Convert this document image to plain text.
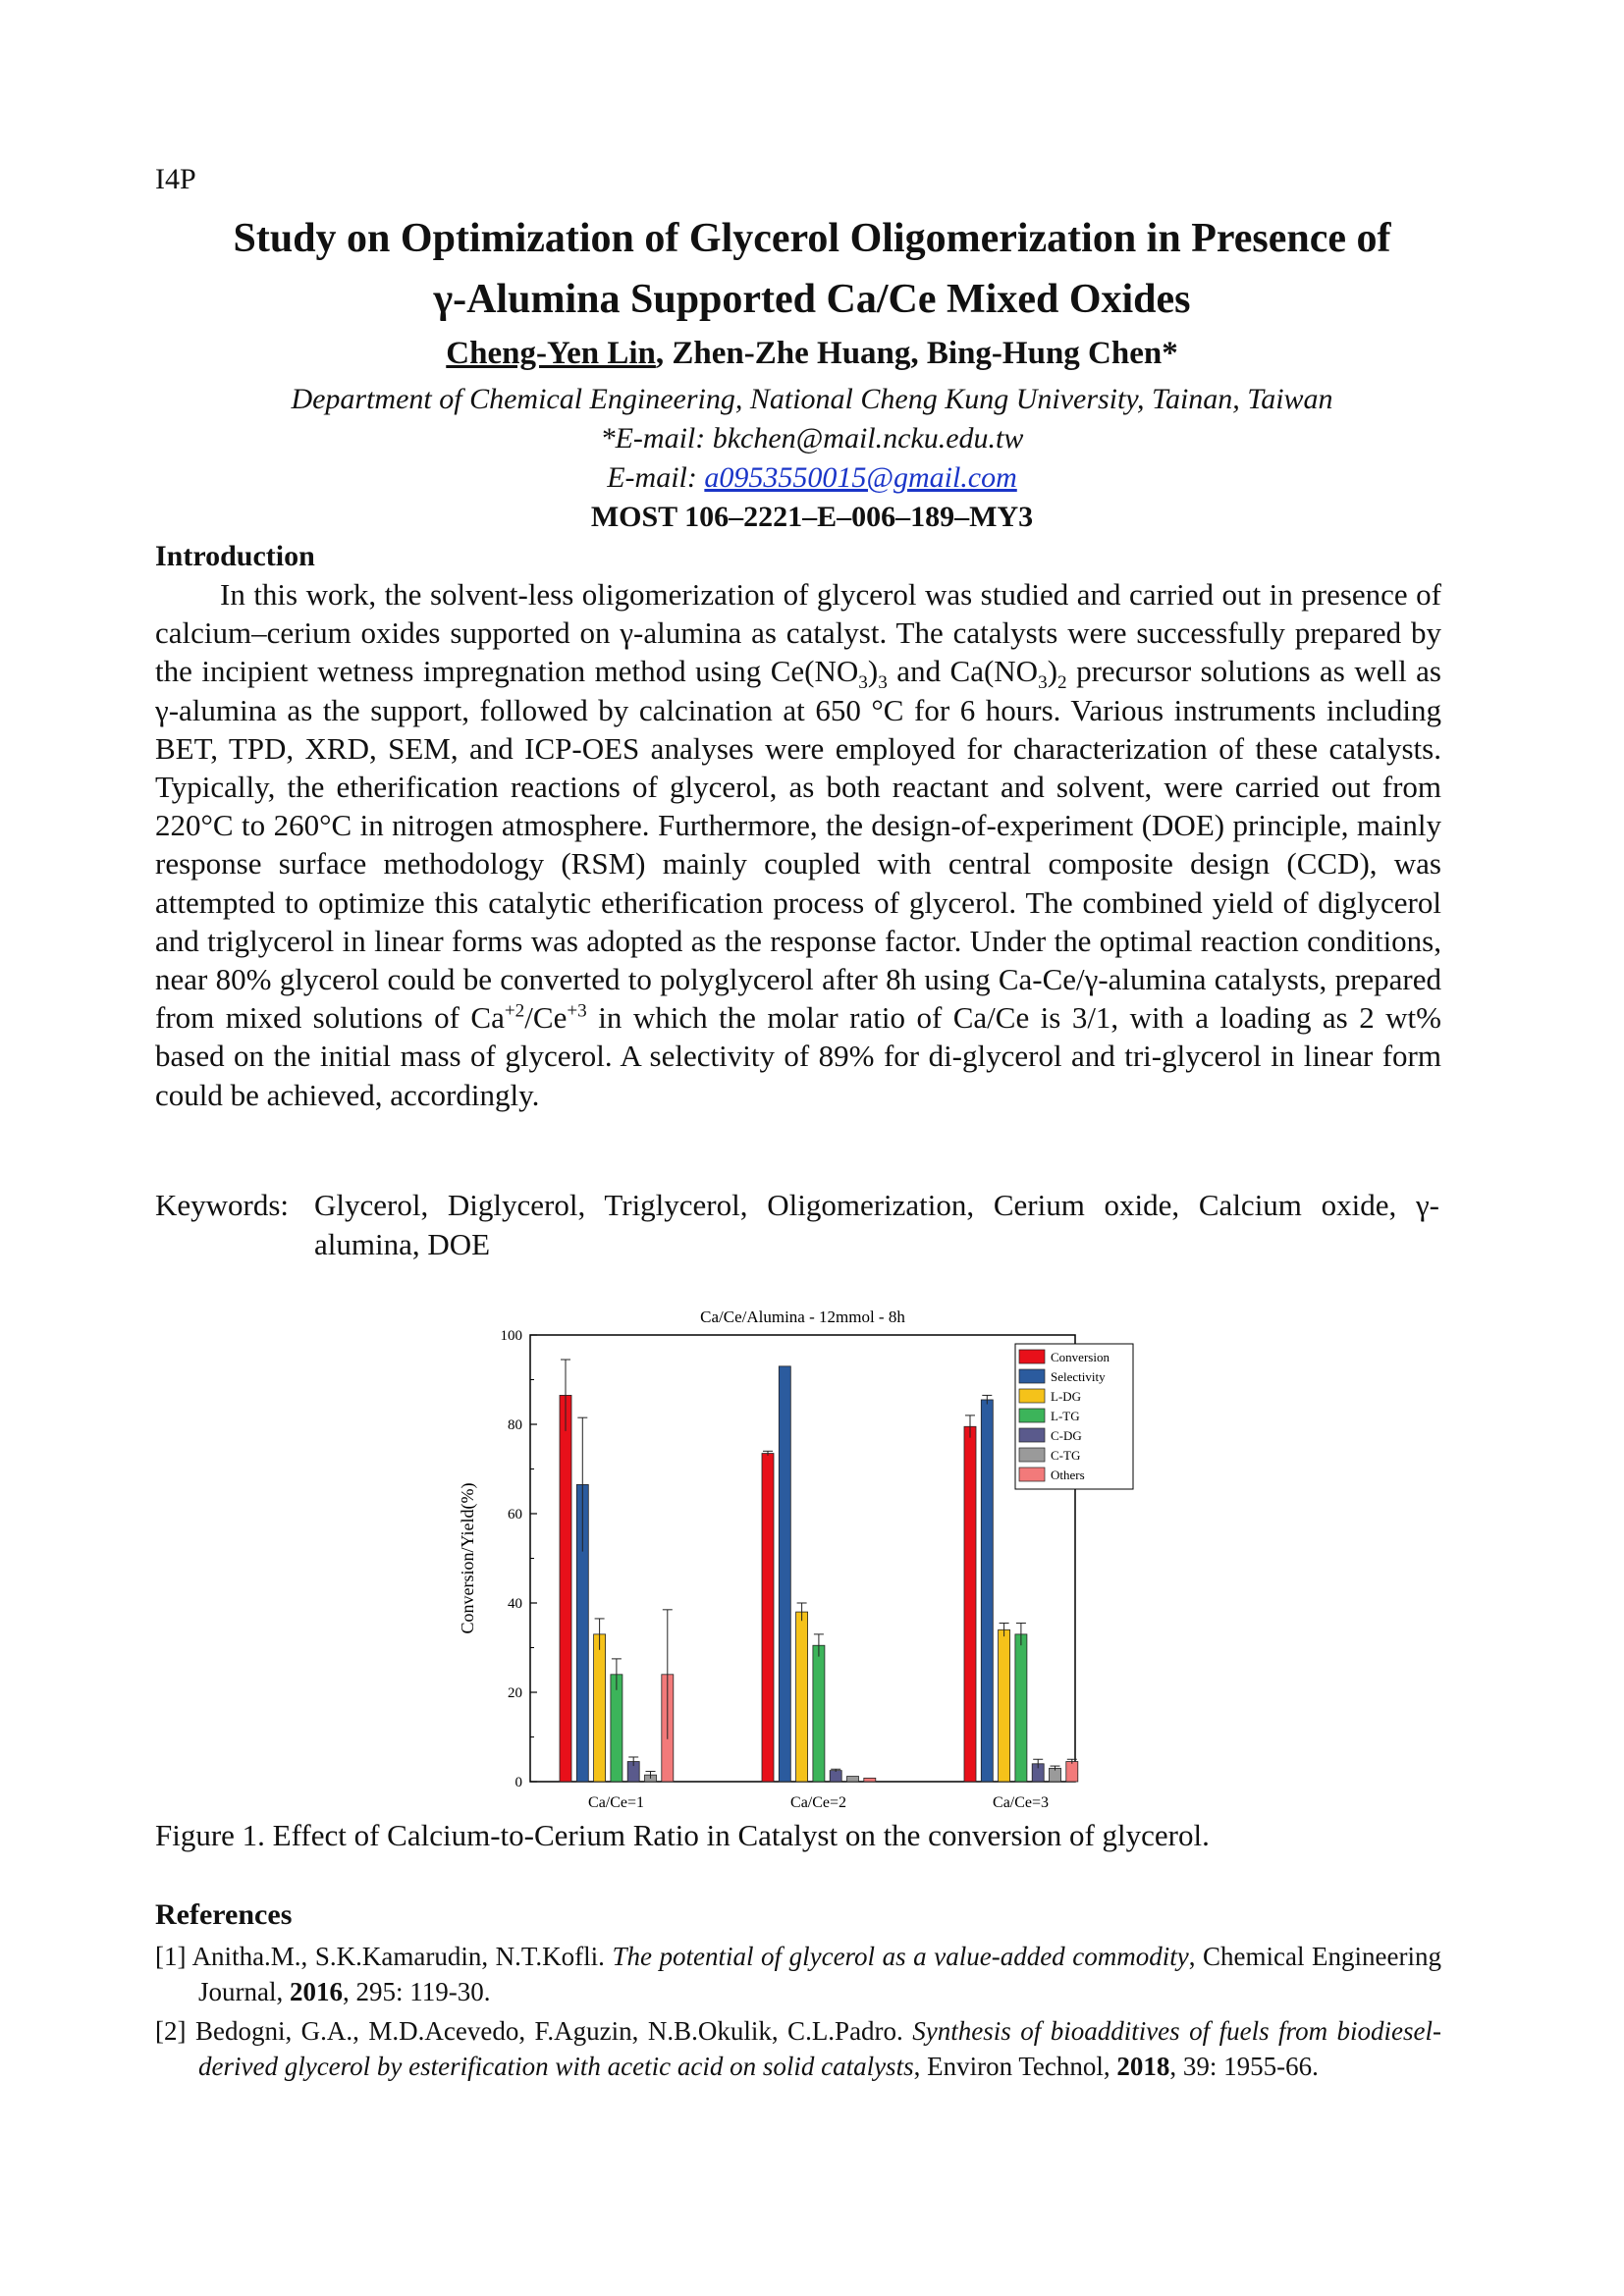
I4P
Study on Optimization of Glycerol Oligomerization in Presence of
γ-Alumina Supported Ca/Ce Mixed Oxides
Cheng-Yen Lin, Zhen-Zhe Huang, Bing-Hung Chen*
Department of Chemical Engineering, National Cheng Kung University, Tainan, Taiwan
*E-mail: bkchen@mail.ncku.edu.tw
E-mail: a0953550015@gmail.com
MOST 106–2221–E–006–189–MY3
Introduction

In this work, the solvent-less oligomerization of glycerol was studied and carried out in presence of calcium–cerium oxides supported on γ-alumina as catalyst. The catalysts were successfully prepared by the incipient wetness impregnation method using $Ce(NO_3)_3$ and $Ca(NO_3)_2$ precursor solutions as well as γ-alumina as the support, followed by calcination at 650 °C for 6 hours. Various instruments including BET, TPD, XRD, SEM, and ICP-OES analyses were employed for characterization of these catalysts. Typically, the etherification reactions of glycerol, as both reactant and solvent, were carried out from 220°C to 260°C in nitrogen atmosphere. Furthermore, the design-of-experiment (DOE) principle, mainly response surface methodology (RSM) mainly coupled with central composite design (CCD), was attempted to optimize this catalytic etherification process of glycerol. The combined yield of diglycerol and triglycerol in linear forms was adopted as the response factor. Under the optimal reaction conditions, near 80% glycerol could be converted to polyglycerol after 8h using Ca-Ce/γ-alumina catalysts, prepared from mixed solutions of $Ca^{+2}/Ce^{+3}$ in which the molar ratio of Ca/Ce is 3/1, with a loading as 2 wt% based on the initial mass of glycerol. A selectivity of 89% for di-glycerol and tri-glycerol in linear form could be achieved, accordingly.

Keywords: Glycerol, Diglycerol, Triglycerol, Oligomerization, Cerium oxide, Calcium oxide, γ-alumina, DOE
Ca/Ce/Alumina - 12mmol - 8h
0
20
40
60
80
100
Conversion/Yield(%)
Ca/Ce=1	Ca/Ce=2	Ca/Ce=3
Conversion
Selectivity
L-DG
L-TG
C-DG
C-TG
Others
Figure 1. Effect of Calcium-to-Cerium Ratio in Catalyst on the conversion of glycerol.
References
[1] Anitha.M., S.K.Kamarudin, N.T.Kofli. The potential of glycerol as a value-added commodity, Chemical Engineering Journal, 2016, 295: 119-30.
[2] Bedogni, G.A., M.D.Acevedo, F.Aguzin, N.B.Okulik, C.L.Padro. Synthesis of bioadditives of fuels from biodiesel-derived glycerol by esterification with acetic acid on solid catalysts, Environ Technol, 2018, 39: 1955-66.
